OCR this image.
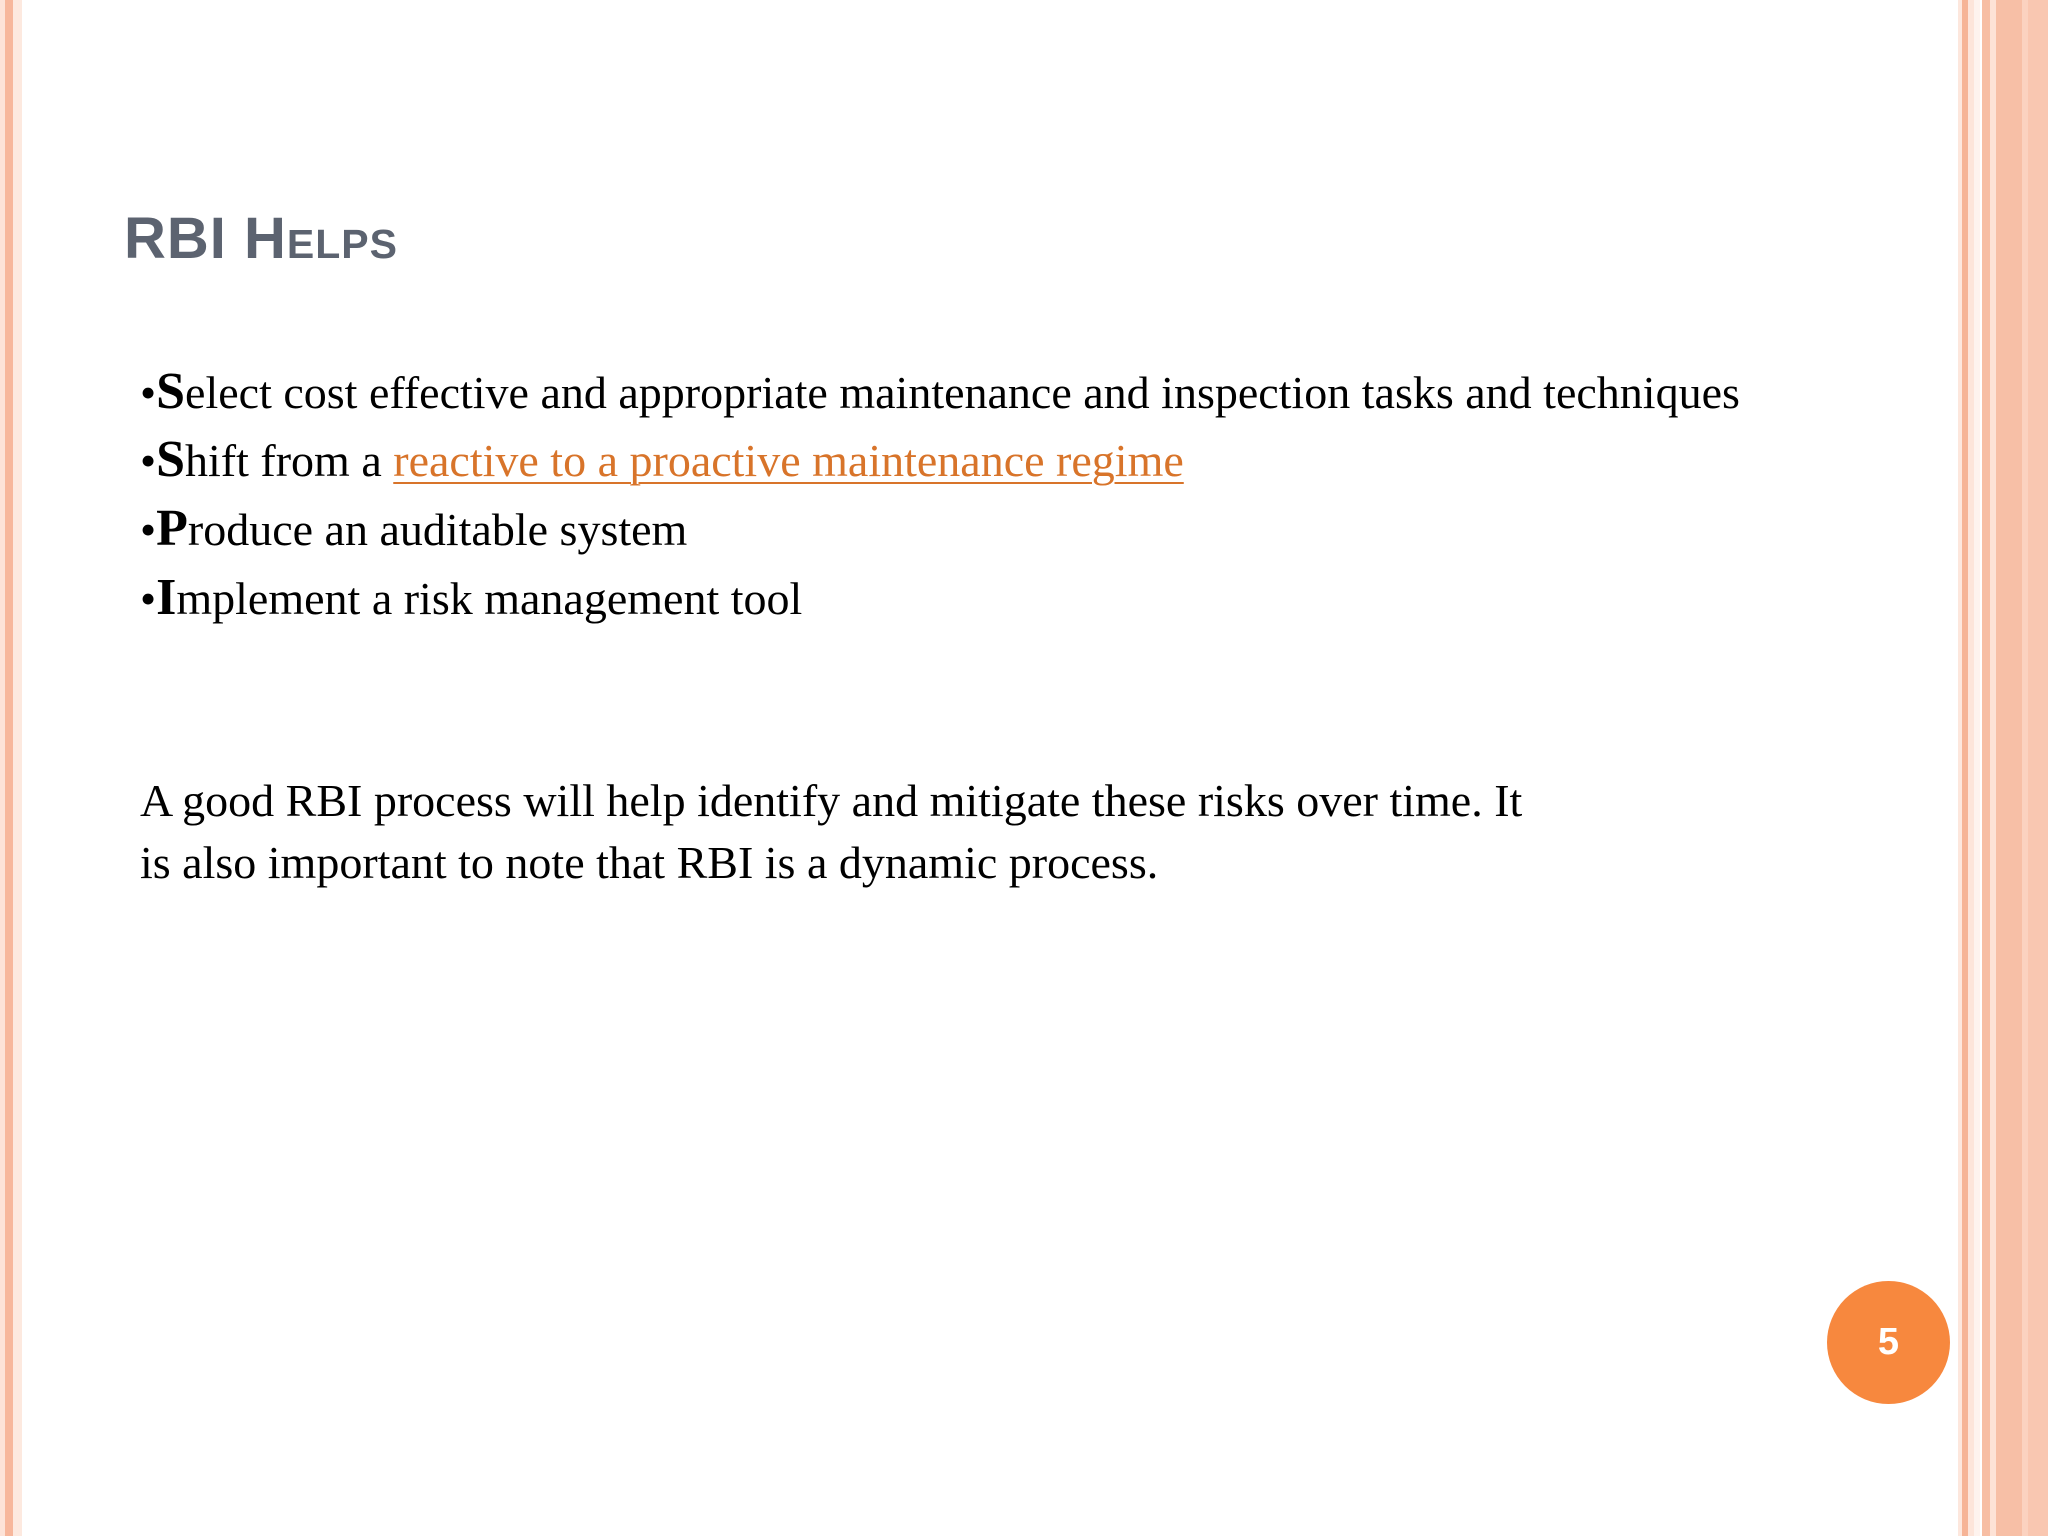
RBI Helps
•Select cost effective and appropriate maintenance and inspection tasks and techniques
•Shift from a reactive to a proactive maintenance regime
•Produce an auditable system
•Implement a risk management tool

A good RBI process will help identify and mitigate these risks over time. It
is also important to note that RBI is a dynamic process.

5
